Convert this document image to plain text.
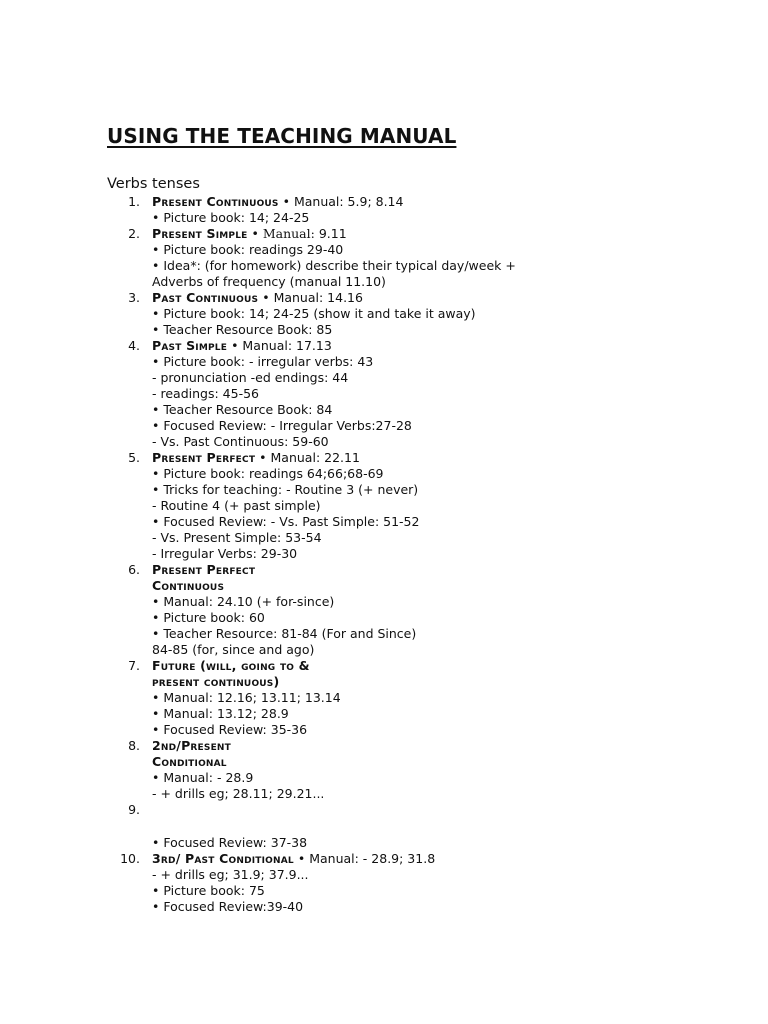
USING THE TEACHING MANUAL
Verbs tenses
1. Present Continuous • Manual: 5.9; 8.14
• Picture book: 14; 24-25
2. Present Simple • Manual: 9.11
• Picture book: readings 29-40
• Idea*: (for homework) describe their typical day/week +
Adverbs of frequency (manual 11.10)
3. Past Continuous • Manual: 14.16
• Picture book: 14; 24-25 (show it and take it away)
• Teacher Resource Book: 85
4. Past Simple • Manual: 17.13
• Picture book: - irregular verbs: 43
- pronunciation -ed endings: 44
- readings: 45-56
• Teacher Resource Book: 84
• Focused Review: - Irregular Verbs:27-28
- Vs. Past Continuous: 59-60
5. Present Perfect • Manual: 22.11
• Picture book: readings 64;66;68-69
• Tricks for teaching: - Routine 3 (+ never)
- Routine 4 (+ past simple)
• Focused Review: - Vs. Past Simple: 51-52
- Vs. Present Simple: 53-54
- Irregular Verbs: 29-30
6. Present Perfect
Continuous
• Manual: 24.10 (+ for-since)
• Picture book: 60
• Teacher Resource: 81-84 (For and Since)
84-85 (for, since and ago)
7. Future (will, going to &
present continuous)
• Manual: 12.16; 13.11; 13.14
• Manual: 13.12; 28.9
• Focused Review: 35-36
8. 2nd/Present
Conditional
• Manual: - 28.9
- + drills eg; 28.11; 29.21...
9.

• Focused Review: 37-38
10. 3rd/ Past Conditional • Manual: - 28.9; 31.8
- + drills eg; 31.9; 37.9...
• Picture book: 75
• Focused Review:39-40
